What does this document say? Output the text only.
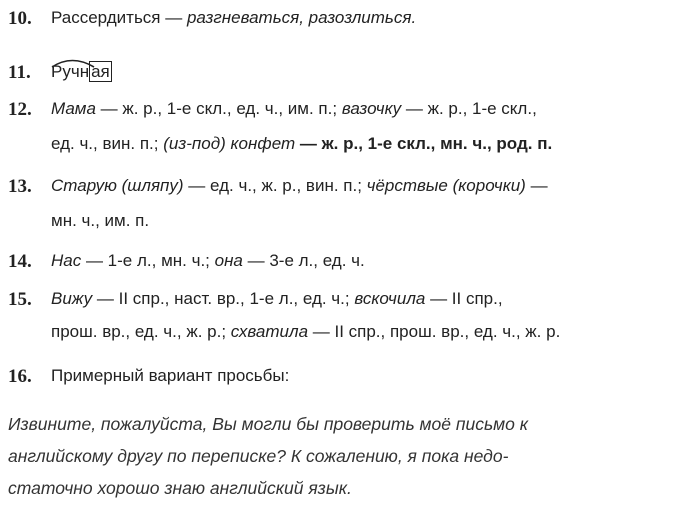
10. Рассердиться — разгневаться, разозлиться.
11. Ручн ая
12. Мама — ж. р., 1-е скл., ед. ч., им. п.; вазочку — ж. р., 1-е скл.,
ед. ч., вин. п.; (из-под) конфет — ж. р., 1-е скл., мн. ч., род. п.
13. Старую (шляпу) — ед. ч., ж. р., вин. п.; чёрствые (корочки) —
мн. ч., им. п.
14. Нас — 1-е л., мн. ч.; она — 3-е л., ед. ч.
15. Вижу — II спр., наст. вр., 1-е л., ед. ч.; вскочила — II спр.,
прош. вр., ед. ч., ж. р.; схватила — II спр., прош. вр., ед. ч., ж. р.
16. Примерный вариант просьбы:
Извините, пожалуйста, Вы могли бы проверить моё письмо к
английскому другу по переписке? К сожалению, я пока недо-
статочно хорошо знаю английский язык.
